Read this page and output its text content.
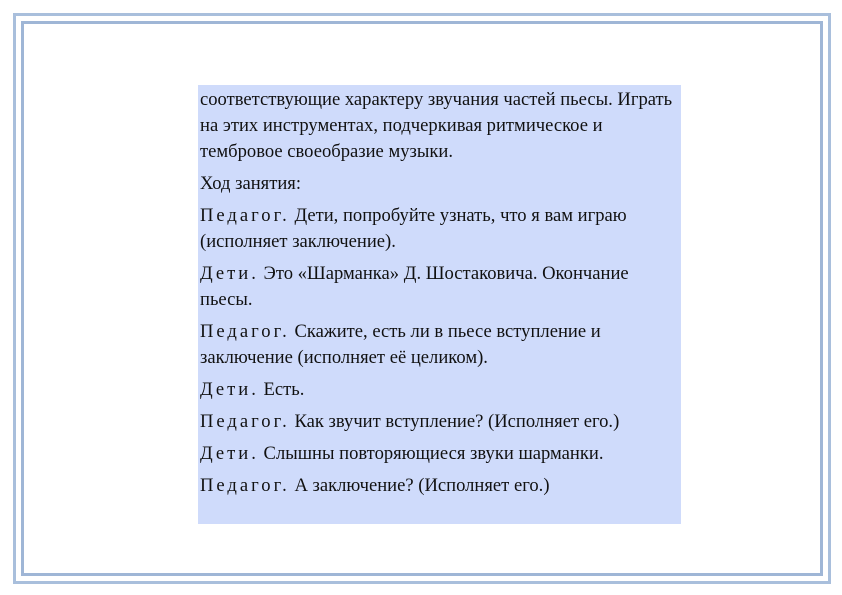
соответствующие характеру звучания частей пьесы. Играть на этих инструментах, подчеркивая ритмическое и тембровое своеобразие музыки.

Ход занятия:

Педагог. Дети, попробуйте узнать, что я вам играю (исполняет заключение).

Дети. Это «Шарманка» Д. Шостаковича. Окончание пьесы.

Педагог. Скажите, есть ли в пьесе вступление и заключение (исполняет её целиком).

Дети. Есть.

Педагог. Как звучит вступление? (Исполняет его.)

Дети. Слышны повторяющиеся звуки шарманки.

Педагог. А заключение? (Исполняет его.)
